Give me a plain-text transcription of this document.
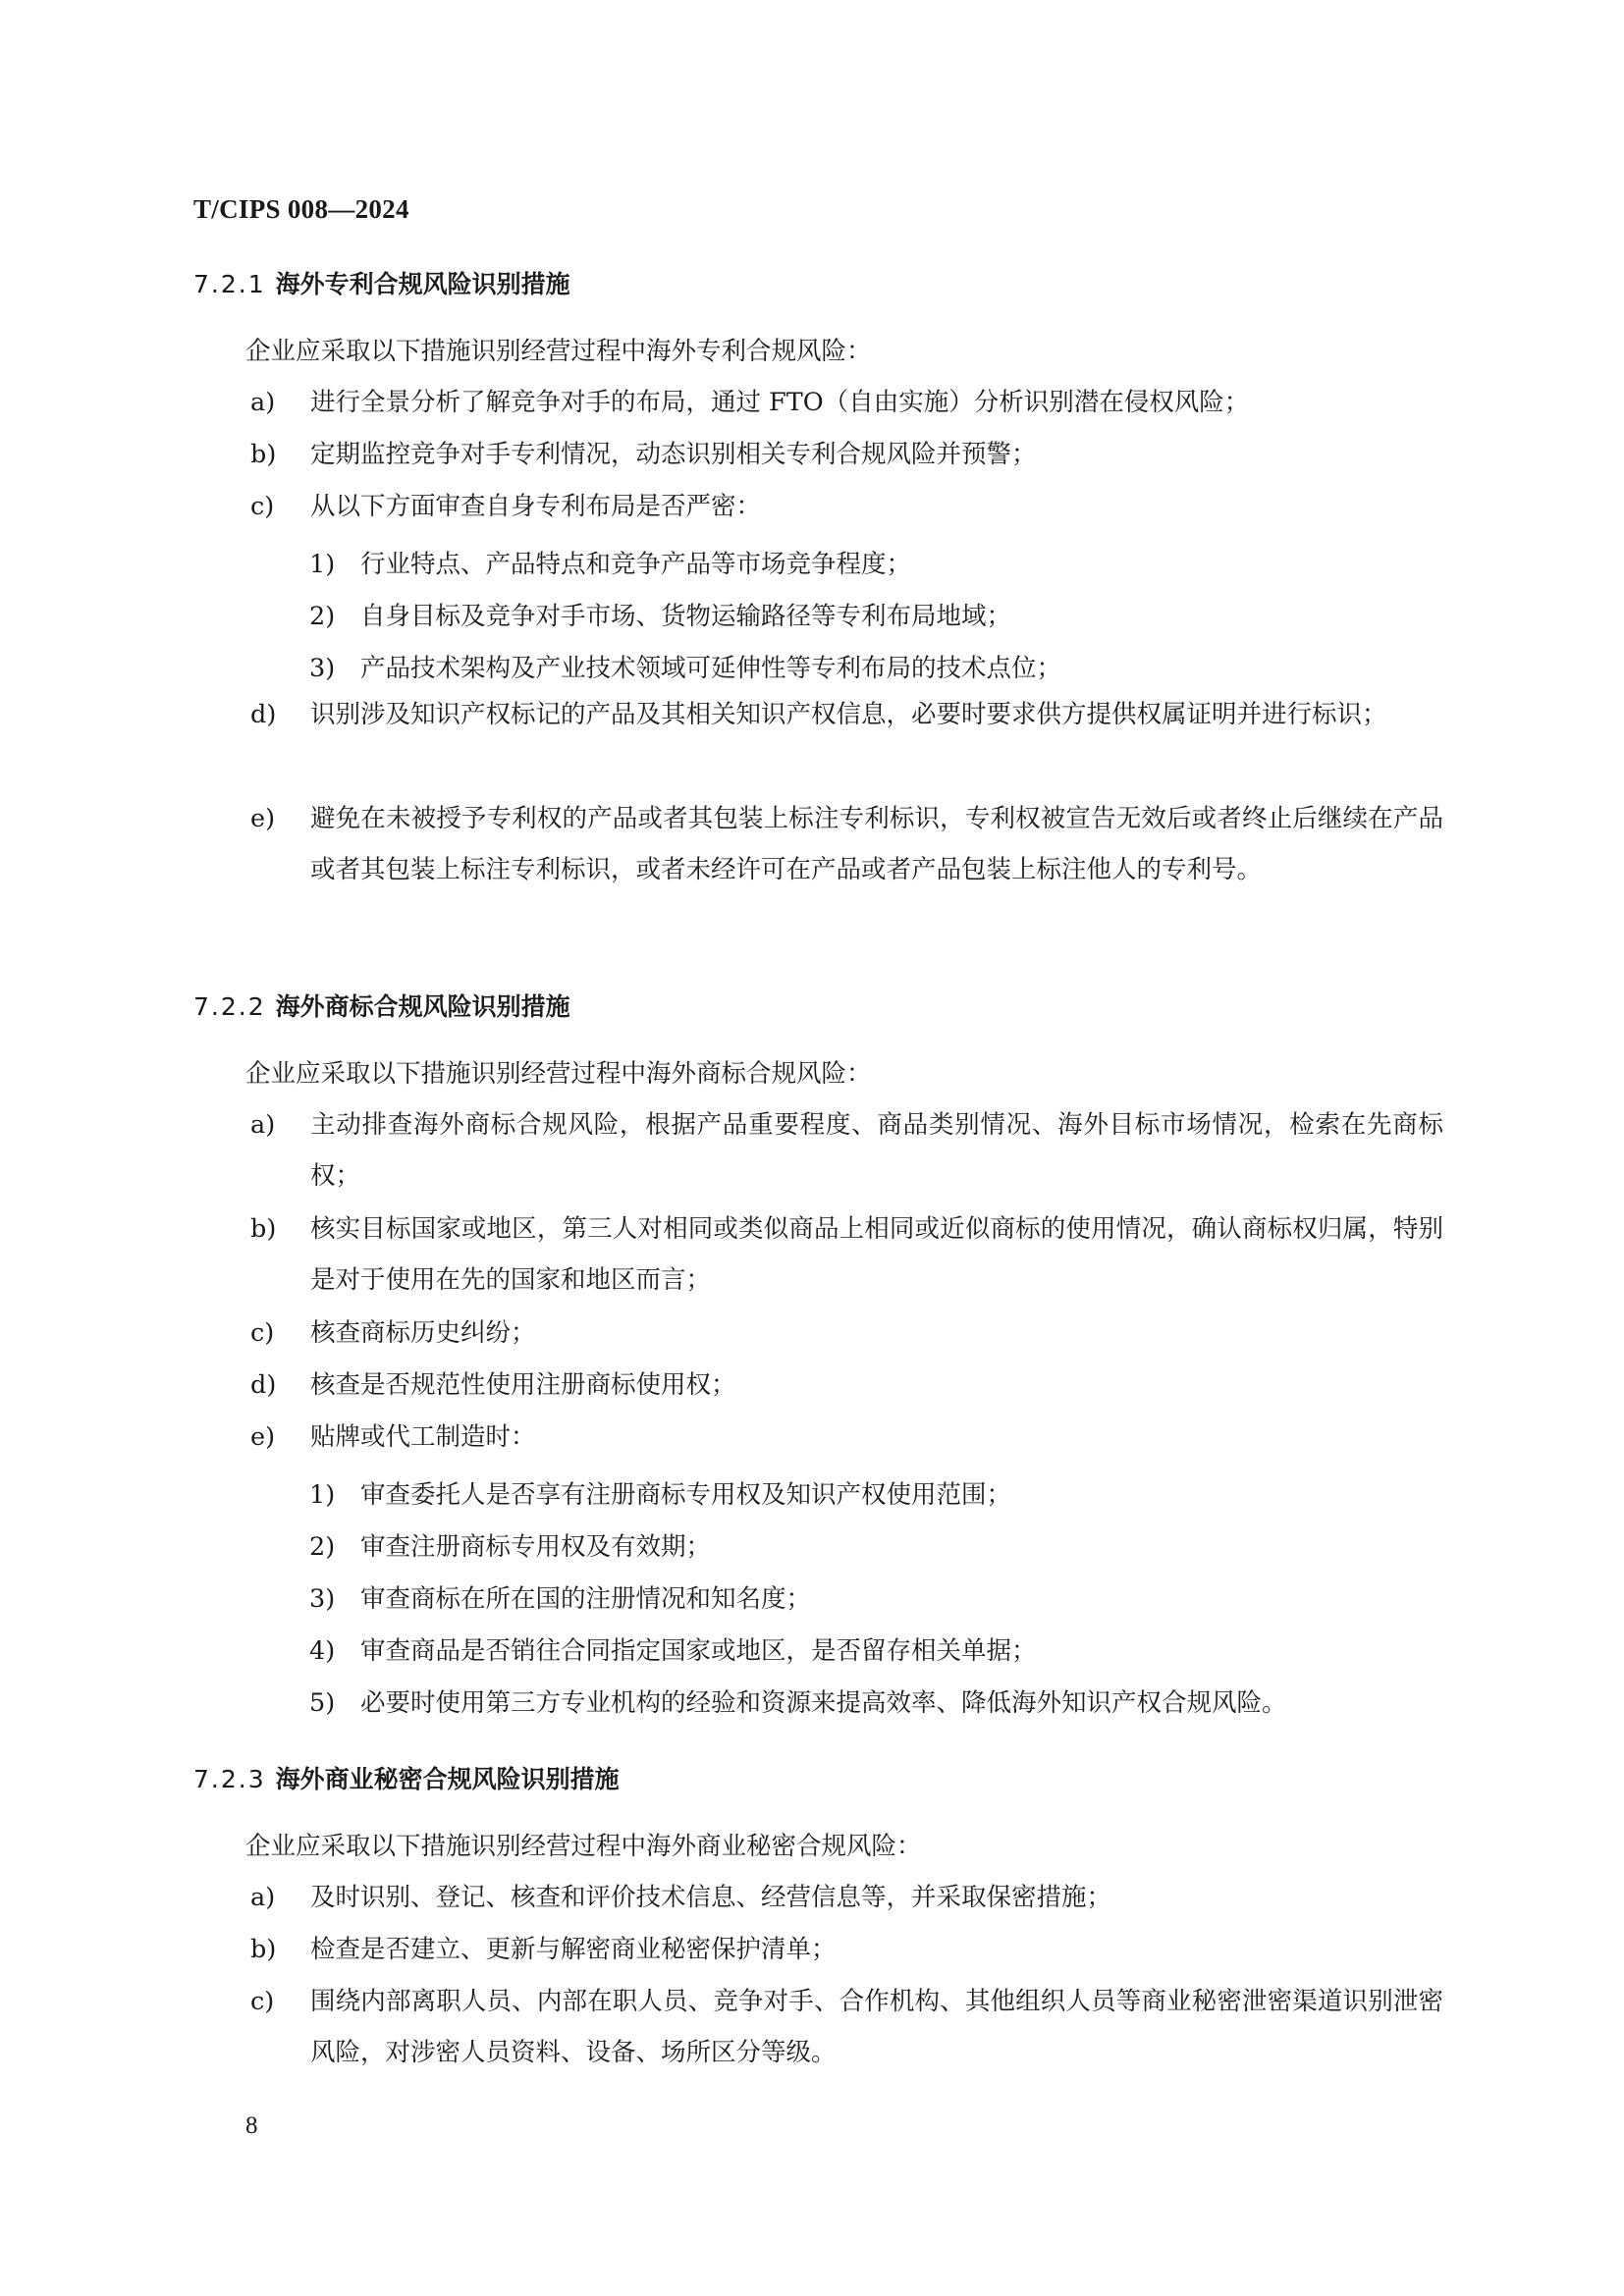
T/CIPS 008—2024
7.2.1 海外专利合规风险识别措施
企业应采取以下措施识别经营过程中海外专利合规风险：
a)	进行全景分析了解竞争对手的布局，通过 FTO（自由实施）分析识别潜在侵权风险；
b)	定期监控竞争对手专利情况，动态识别相关专利合规风险并预警；
c)	从以下方面审查自身专利布局是否严密：
1) 行业特点、产品特点和竞争产品等市场竞争程度；
2) 自身目标及竞争对手市场、货物运输路径等专利布局地域；
3) 产品技术架构及产业技术领域可延伸性等专利布局的技术点位；
d)	识别涉及知识产权标记的产品及其相关知识产权信息，必要时要求供方提供权属证明并进行标识；
e)	避免在未被授予专利权的产品或者其包装上标注专利标识，专利权被宣告无效后或者终止后继续在产品或者其包装上标注专利标识，或者未经许可在产品或者产品包装上标注他人的专利号。
7.2.2 海外商标合规风险识别措施
企业应采取以下措施识别经营过程中海外商标合规风险：
a)	主动排查海外商标合规风险，根据产品重要程度、商品类别情况、海外目标市场情况，检索在先商标权；
b)	核实目标国家或地区，第三人对相同或类似商品上相同或近似商标的使用情况，确认商标权归属，特别是对于使用在先的国家和地区而言；
c)	核查商标历史纠纷；
d)	核查是否规范性使用注册商标使用权；
e)	贴牌或代工制造时：
1) 审查委托人是否享有注册商标专用权及知识产权使用范围；
2) 审查注册商标专用权及有效期；
3) 审查商标在所在国的注册情况和知名度；
4) 审查商品是否销往合同指定国家或地区，是否留存相关单据；
5) 必要时使用第三方专业机构的经验和资源来提高效率、降低海外知识产权合规风险。
7.2.3 海外商业秘密合规风险识别措施
企业应采取以下措施识别经营过程中海外商业秘密合规风险：
a)	及时识别、登记、核查和评价技术信息、经营信息等，并采取保密措施；
b)	检查是否建立、更新与解密商业秘密保护清单；
c)	围绕内部离职人员、内部在职人员、竞争对手、合作机构、其他组织人员等商业秘密泄密渠道识别泄密风险，对涉密人员资料、设备、场所区分等级。
8
